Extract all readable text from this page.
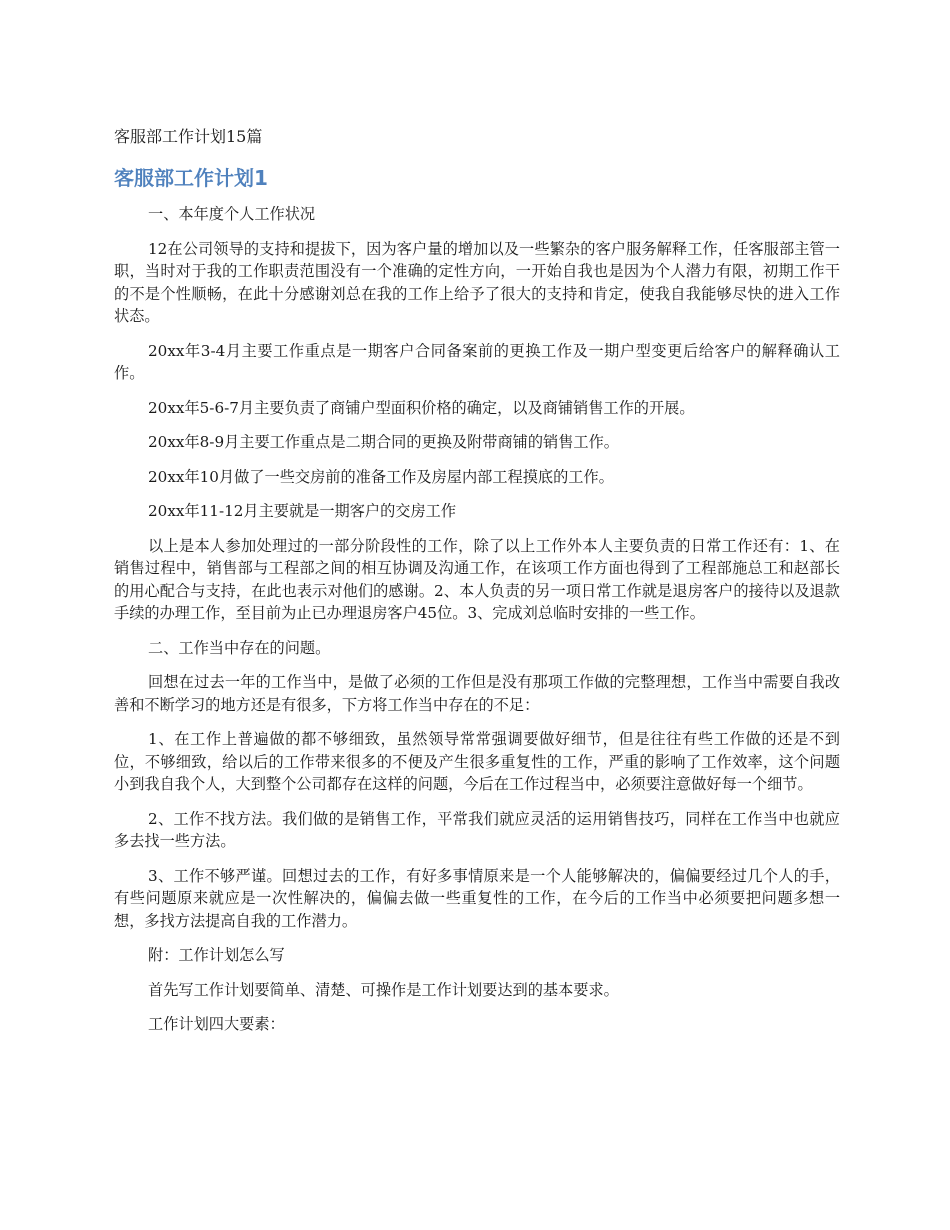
客服部工作计划15篇
客服部工作计划1

一、本年度个人工作状况

12在公司领导的支持和提拔下，因为客户量的增加以及一些繁杂的客户服务解释工作，任客服部主管一职，当时对于我的工作职责范围没有一个准确的定性方向，一开始自我也是因为个人潜力有限，初期工作干的不是个性顺畅，在此十分感谢刘总在我的工作上给予了很大的支持和肯定，使我自我能够尽快的进入工作状态。

20xx年3-4月主要工作重点是一期客户合同备案前的更换工作及一期户型变更后给客户的解释确认工作。

20xx年5-6-7月主要负责了商铺户型面积价格的确定，以及商铺销售工作的开展。

20xx年8-9月主要工作重点是二期合同的更换及附带商铺的销售工作。

20xx年10月做了一些交房前的准备工作及房屋内部工程摸底的工作。

20xx年11-12月主要就是一期客户的交房工作

以上是本人参加处理过的一部分阶段性的工作，除了以上工作外本人主要负责的日常工作还有：1、在销售过程中，销售部与工程部之间的相互协调及沟通工作，在该项工作方面也得到了工程部施总工和赵部长的用心配合与支持，在此也表示对他们的感谢。2、本人负责的另一项日常工作就是退房客户的接待以及退款手续的办理工作，至目前为止已办理退房客户45位。3、完成刘总临时安排的一些工作。

二、工作当中存在的问题。

回想在过去一年的工作当中，是做了必须的工作但是没有那项工作做的完整理想，工作当中需要自我改善和不断学习的地方还是有很多，下方将工作当中存在的不足：

1、在工作上普遍做的都不够细致，虽然领导常常强调要做好细节，但是往往有些工作做的还是不到位，不够细致，给以后的工作带来很多的不便及产生很多重复性的工作，严重的影响了工作效率，这个问题小到我自我个人，大到整个公司都存在这样的问题，今后在工作过程当中，必须要注意做好每一个细节。

2、工作不找方法。我们做的是销售工作，平常我们就应灵活的运用销售技巧，同样在工作当中也就应多去找一些方法。

3、工作不够严谨。回想过去的工作，有好多事情原来是一个人能够解决的，偏偏要经过几个人的手，有些问题原来就应是一次性解决的，偏偏去做一些重复性的工作，在今后的工作当中必须要把问题多想一想，多找方法提高自我的工作潜力。

附：工作计划怎么写

首先写工作计划要简单、清楚、可操作是工作计划要达到的基本要求。

工作计划四大要素：
